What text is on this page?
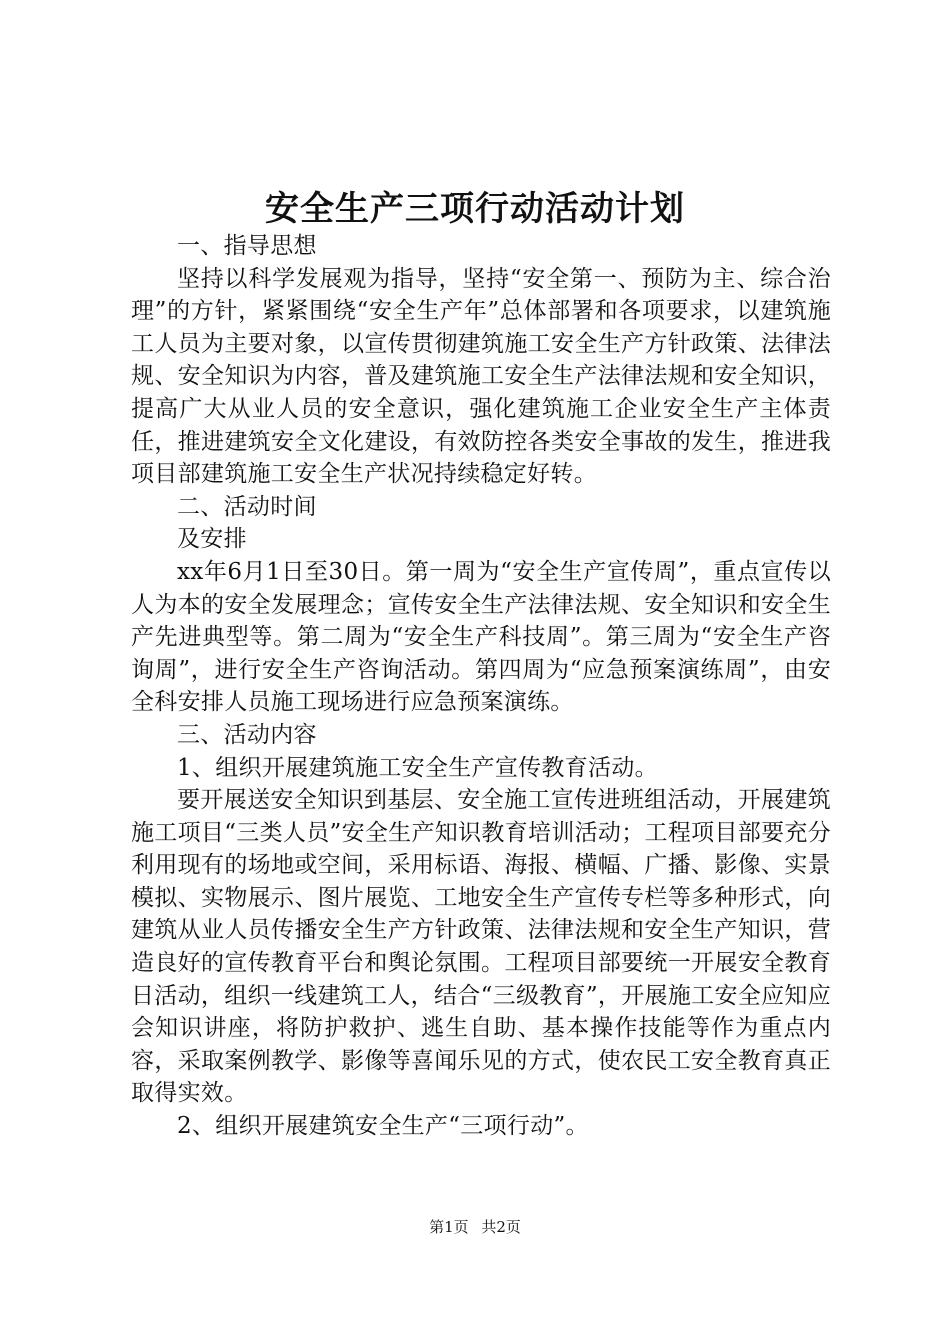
安全生产三项行动活动计划

一、指导思想

坚持以科学发展观为指导，坚持“安全第一、预防为主、综合治理”的方针，紧紧围绕“安全生产年”总体部署和各项要求，以建筑施工人员为主要对象，以宣传贯彻建筑施工安全生产方针政策、法律法规、安全知识为内容，普及建筑施工安全生产法律法规和安全知识，提高广大从业人员的安全意识，强化建筑施工企业安全生产主体责任，推进建筑安全文化建设，有效防控各类安全事故的发生，推进我项目部建筑施工安全生产状况持续稳定好转。

二、活动时间

及安排

xx年6月1日至30日。第一周为“安全生产宣传周”，重点宣传以人为本的安全发展理念；宣传安全生产法律法规、安全知识和安全生产先进典型等。第二周为“安全生产科技周”。第三周为“安全生产咨询周”，进行安全生产咨询活动。第四周为“应急预案演练周”，由安全科安排人员施工现场进行应急预案演练。

三、活动内容

1、组织开展建筑施工安全生产宣传教育活动。

要开展送安全知识到基层、安全施工宣传进班组活动，开展建筑施工项目“三类人员”安全生产知识教育培训活动；工程项目部要充分利用现有的场地或空间，采用标语、海报、横幅、广播、影像、实景模拟、实物展示、图片展览、工地安全生产宣传专栏等多种形式，向建筑从业人员传播安全生产方针政策、法律法规和安全生产知识，营造良好的宣传教育平台和舆论氛围。工程项目部要统一开展安全教育日活动，组织一线建筑工人，结合“三级教育”，开展施工安全应知应会知识讲座，将防护救护、逃生自助、基本操作技能等作为重点内容，采取案例教学、影像等喜闻乐见的方式，使农民工安全教育真正取得实效。

2、组织开展建筑安全生产“三项行动”。

第1页 共2页
